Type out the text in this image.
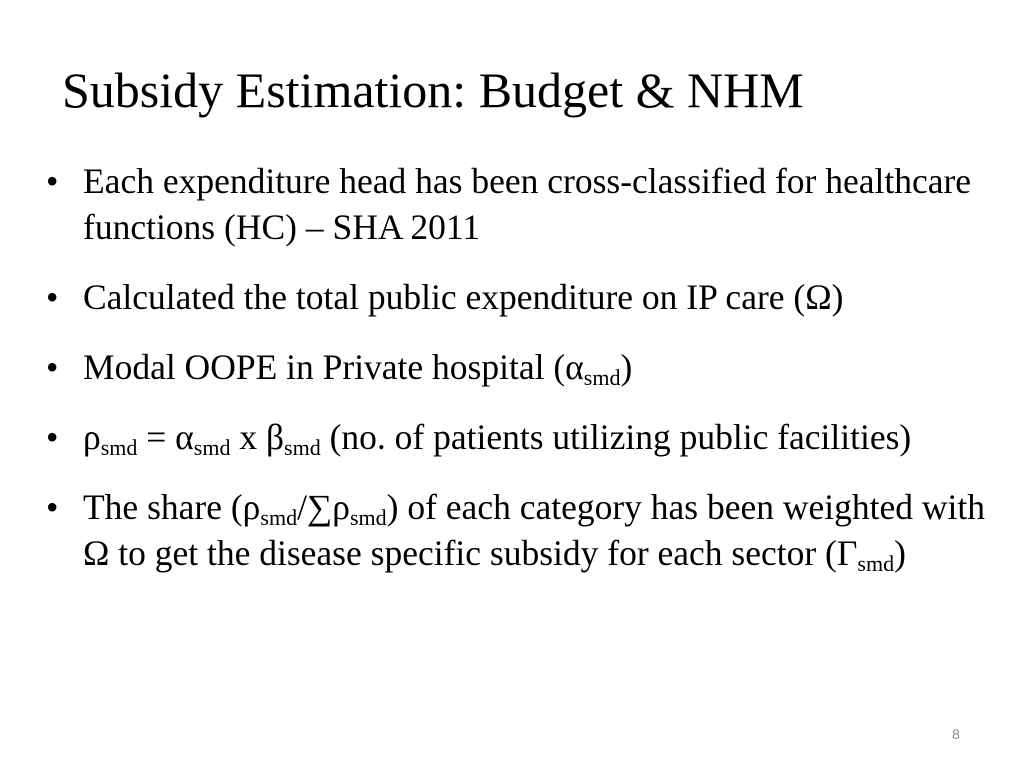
Subsidy Estimation: Budget & NHM
• Each expenditure head has been cross-classified for healthcare functions (HC) – SHA 2011
• Calculated the total public expenditure on IP care (Ω)
• Modal OOPE in Private hospital $(\alpha_{smd})$
• $\rho_{smd} = \alpha_{smd}$ x $\beta_{smd}$ (no. of patients utilizing public facilities)
• The share $(\rho_{smd}/\sum\rho_{smd})$ of each category has been weighted with Ω to get the disease specific subsidy for each sector $(\Gamma_{smd})$
8
